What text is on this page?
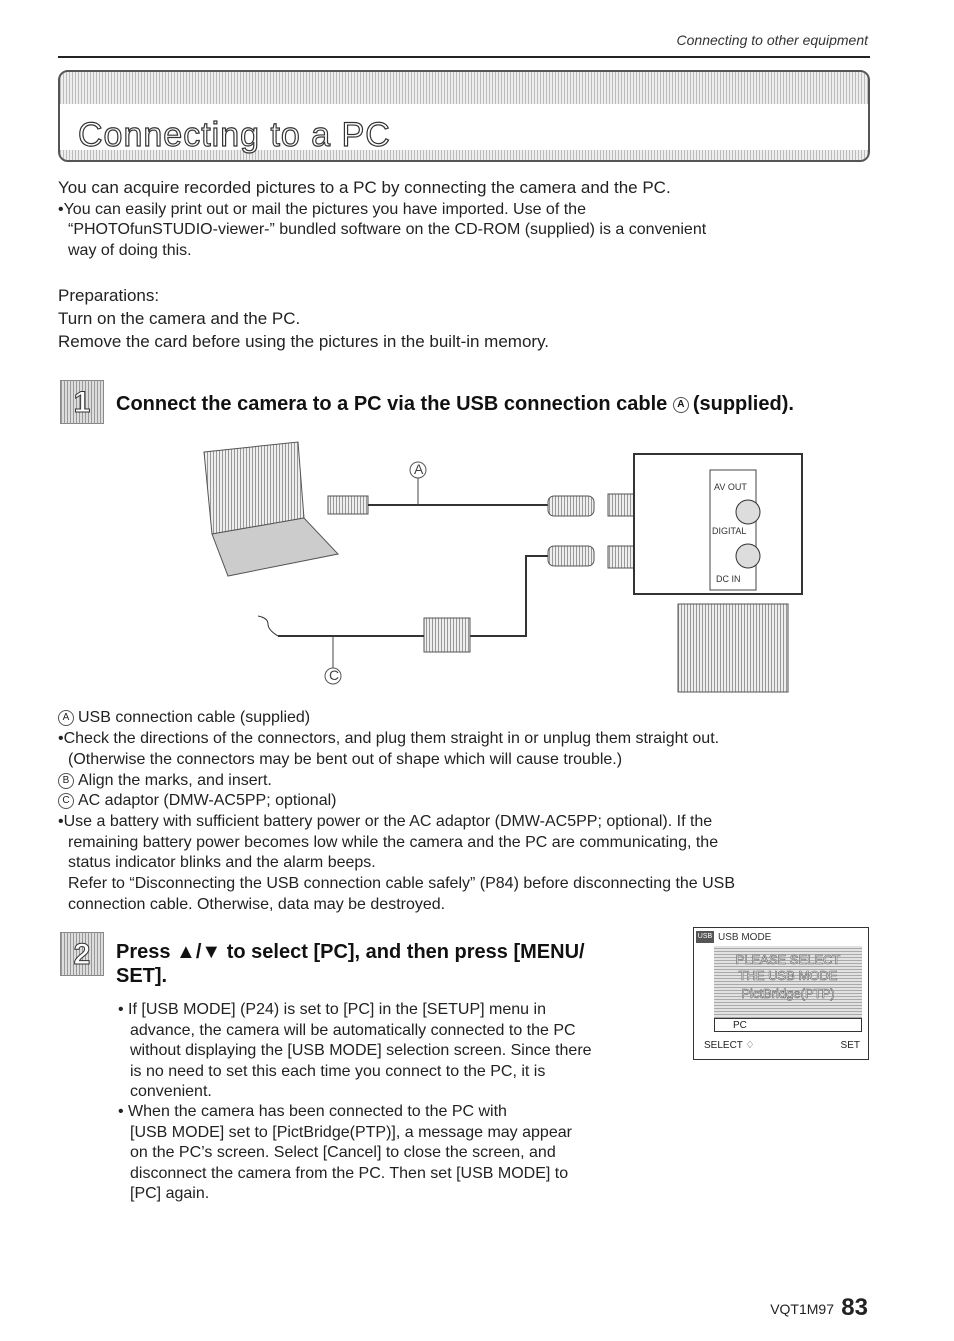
Connecting to other equipment
Connecting to a PC
You can acquire recorded pictures to a PC by connecting the camera and the PC.
•You can easily print out or mail the pictures you have imported. Use of the
“PHOTOfunSTUDIO-viewer-” bundled software on the CD-ROM (supplied) is a convenient
way of doing this.
Preparations:
Turn on the camera and the PC.
Remove the card before using the pictures in the built-in memory.
1	Connect the camera to a PC via the USB connection cable A (supplied).
A
C
AV OUT
DIGITAL
DC IN
A USB connection cable (supplied)
•Check the directions of the connectors, and plug them straight in or unplug them straight out.
(Otherwise the connectors may be bent out of shape which will cause trouble.)
B Align the marks, and insert.
C AC adaptor (DMW-AC5PP; optional)
•Use a battery with sufficient battery power or the AC adaptor (DMW-AC5PP; optional). If the
remaining battery power becomes low while the camera and the PC are communicating, the
status indicator blinks and the alarm beeps.
Refer to “Disconnecting the USB connection cable safely” (P84) before disconnecting the USB
connection cable. Otherwise, data may be destroyed.
2	Press ▲/▼ to select [PC], and then press [MENU/
SET].
• If [USB MODE] (P24) is set to [PC] in the [SETUP] menu in
advance, the camera will be automatically connected to the PC
without displaying the [USB MODE] selection screen. Since there
is no need to set this each time you connect to the PC, it is
convenient.
• When the camera has been connected to the PC with
[USB MODE] set to [PictBridge(PTP)], a message may appear
on the PC’s screen. Select [Cancel] to close the screen, and
disconnect the camera from the PC. Then set [USB MODE] to
[PC] again.
USB USB MODE
PLEASE SELECT
THE USB MODE
PictBridge(PTP)
PC
SELECT ♢	SET
VQT1M97 83
